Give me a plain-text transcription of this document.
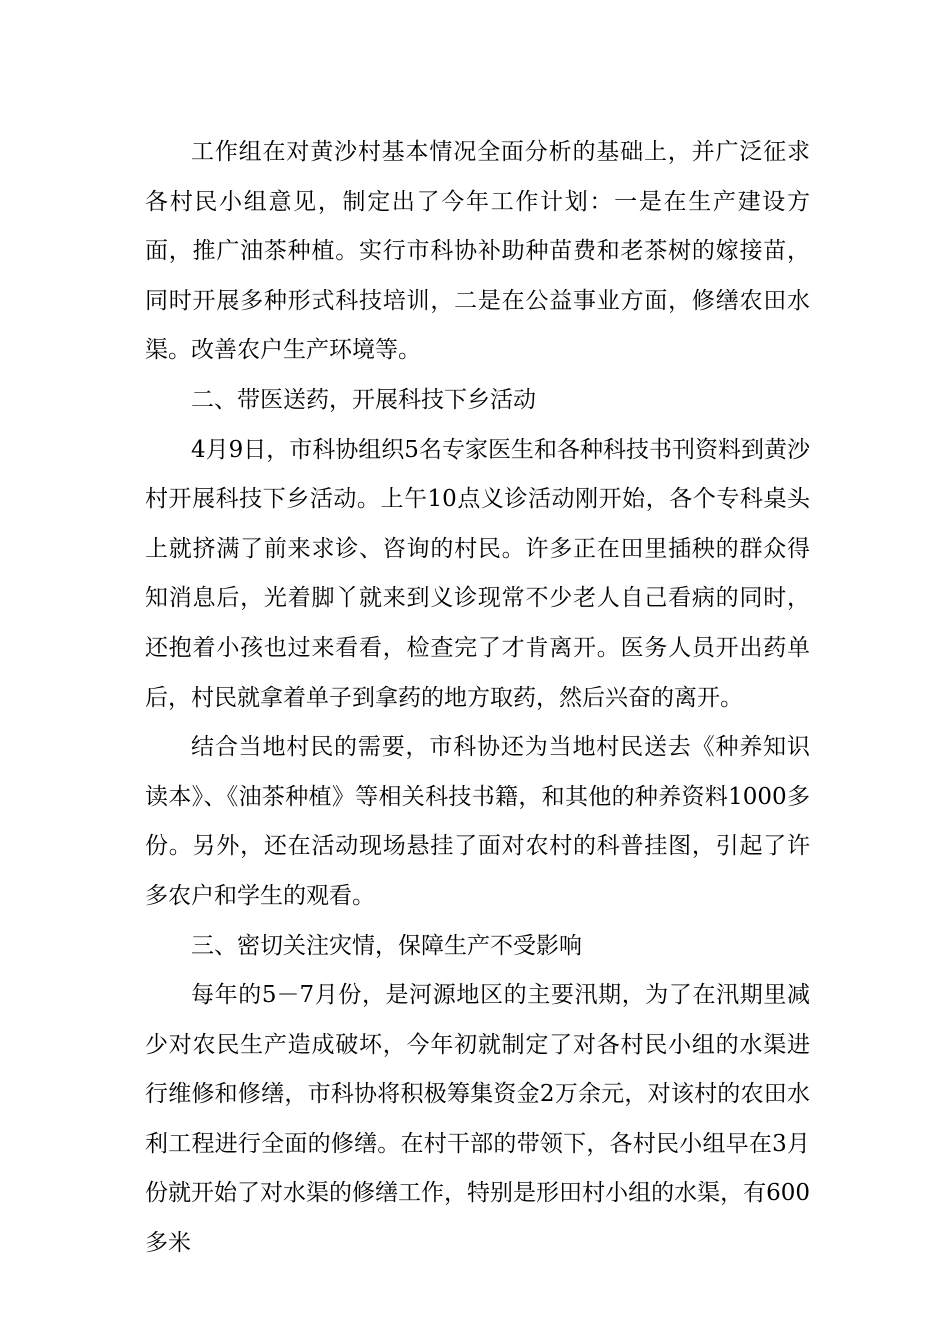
工作组在对黄沙村基本情况全面分析的基础上，并广泛征求各村民小组意见，制定出了今年工作计划：一是在生产建设方面，推广油茶种植。实行市科协补助种苗费和老茶树的嫁接苗，同时开展多种形式科技培训，二是在公益事业方面，修缮农田水渠。改善农户生产环境等。

二、带医送药，开展科技下乡活动

4月9日，市科协组织5名专家医生和各种科技书刊资料到黄沙村开展科技下乡活动。上午10点义诊活动刚开始，各个专科桌头上就挤满了前来求诊、咨询的村民。许多正在田里插秧的群众得知消息后，光着脚丫就来到义诊现常不少老人自己看病的同时，还抱着小孩也过来看看，检查完了才肯离开。医务人员开出药单后，村民就拿着单子到拿药的地方取药，然后兴奋的离开。

结合当地村民的需要，市科协还为当地村民送去《种养知识读本》、《油茶种植》等相关科技书籍，和其他的种养资料1000多份。另外，还在活动现场悬挂了面对农村的科普挂图，引起了许多农户和学生的观看。

三、密切关注灾情，保障生产不受影响

每年的5－7月份，是河源地区的主要汛期，为了在汛期里减少对农民生产造成破坏，今年初就制定了对各村民小组的水渠进行维修和修缮，市科协将积极筹集资金2万余元，对该村的农田水利工程进行全面的修缮。在村干部的带领下，各村民小组早在3月份就开始了对水渠的修缮工作，特别是形田村小组的水渠，有600多米
